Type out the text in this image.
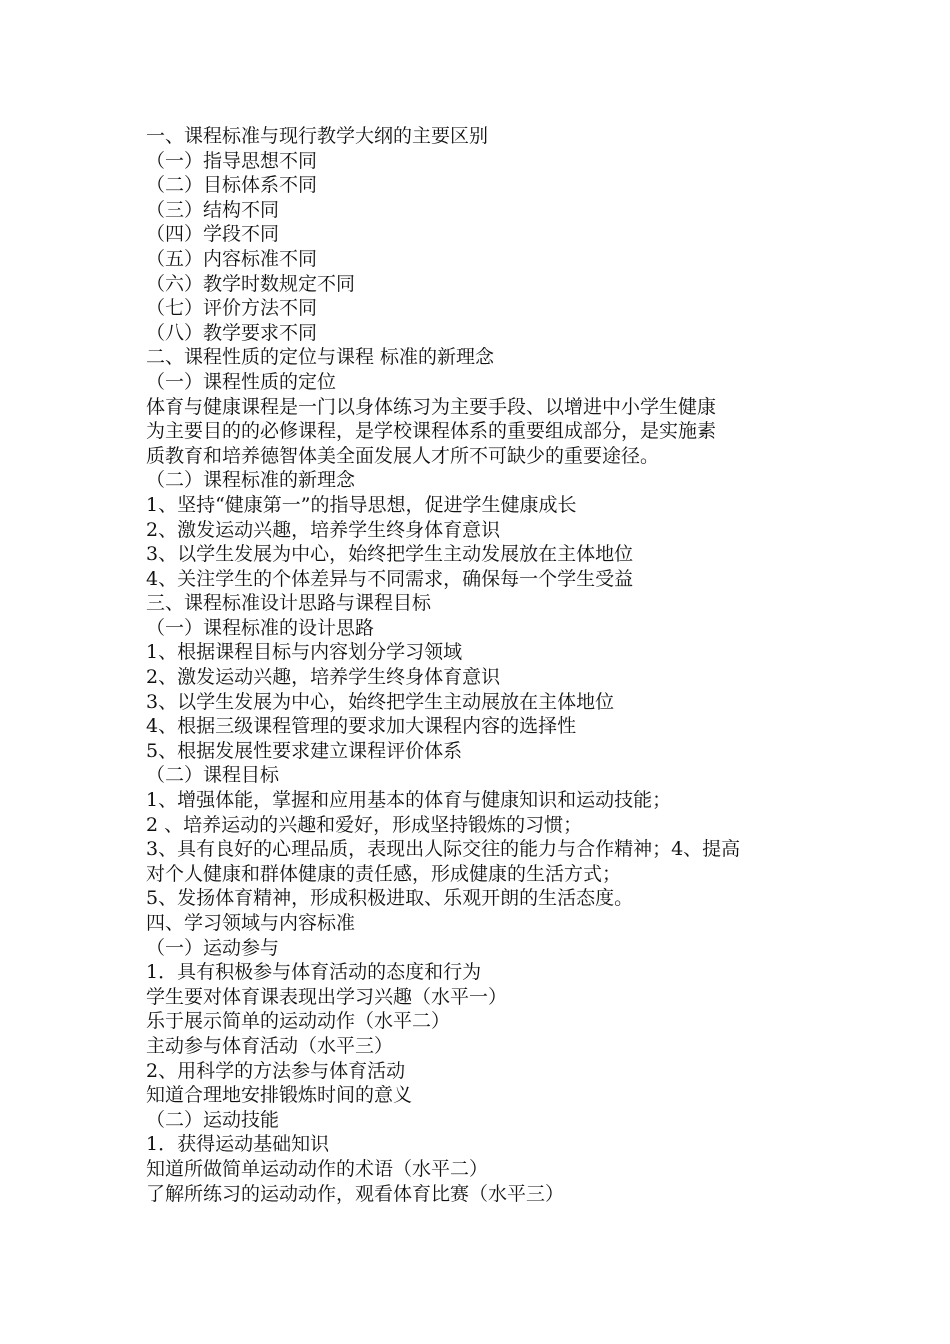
一、课程标准与现行教学大纲的主要区别

（一）指导思想不同

（二）目标体系不同

（三）结构不同

（四）学段不同

（五）内容标准不同

（六）教学时数规定不同

（七）评价方法不同

（八）教学要求不同

二、课程性质的定位与课程 标准的新理念

（一）课程性质的定位

体育与健康课程是一门以身体练习为主要手段、以增进中小学生健康

为主要目的的必修课程，是学校课程体系的重要组成部分，是实施素

质教育和培养德智体美全面发展人才所不可缺少的重要途径。

（二）课程标准的新理念

1、坚持“健康第一”的指导思想，促进学生健康成长

2、激发运动兴趣，培养学生终身体育意识

3、以学生发展为中心，始终把学生主动发展放在主体地位

4、关注学生的个体差异与不同需求，确保每一个学生受益

三、课程标准设计思路与课程目标

（一）课程标准的设计思路

1、根据课程目标与内容划分学习领域

2、激发运动兴趣，培养学生终身体育意识

3、以学生发展为中心，始终把学生主动展放在主体地位

4、根据三级课程管理的要求加大课程内容的选择性

5、根据发展性要求建立课程评价体系

（二）课程目标

1、增强体能，掌握和应用基本的体育与健康知识和运动技能；

2 、培养运动的兴趣和爱好，形成坚持锻炼的习惯；

3、具有良好的心理品质，表现出人际交往的能力与合作精神；4、提高

对个人健康和群体健康的责任感，形成健康的生活方式；

5、发扬体育精神，形成积极进取、乐观开朗的生活态度。

四、学习领域与内容标准

（一）运动参与

1．具有积极参与体育活动的态度和行为

学生要对体育课表现出学习兴趣（水平一）

乐于展示简单的运动动作（水平二）

主动参与体育活动（水平三）

2、用科学的方法参与体育活动

知道合理地安排锻炼时间的意义

（二）运动技能

1．获得运动基础知识

知道所做简单运动动作的术语（水平二）

了解所练习的运动动作，观看体育比赛（水平三）
